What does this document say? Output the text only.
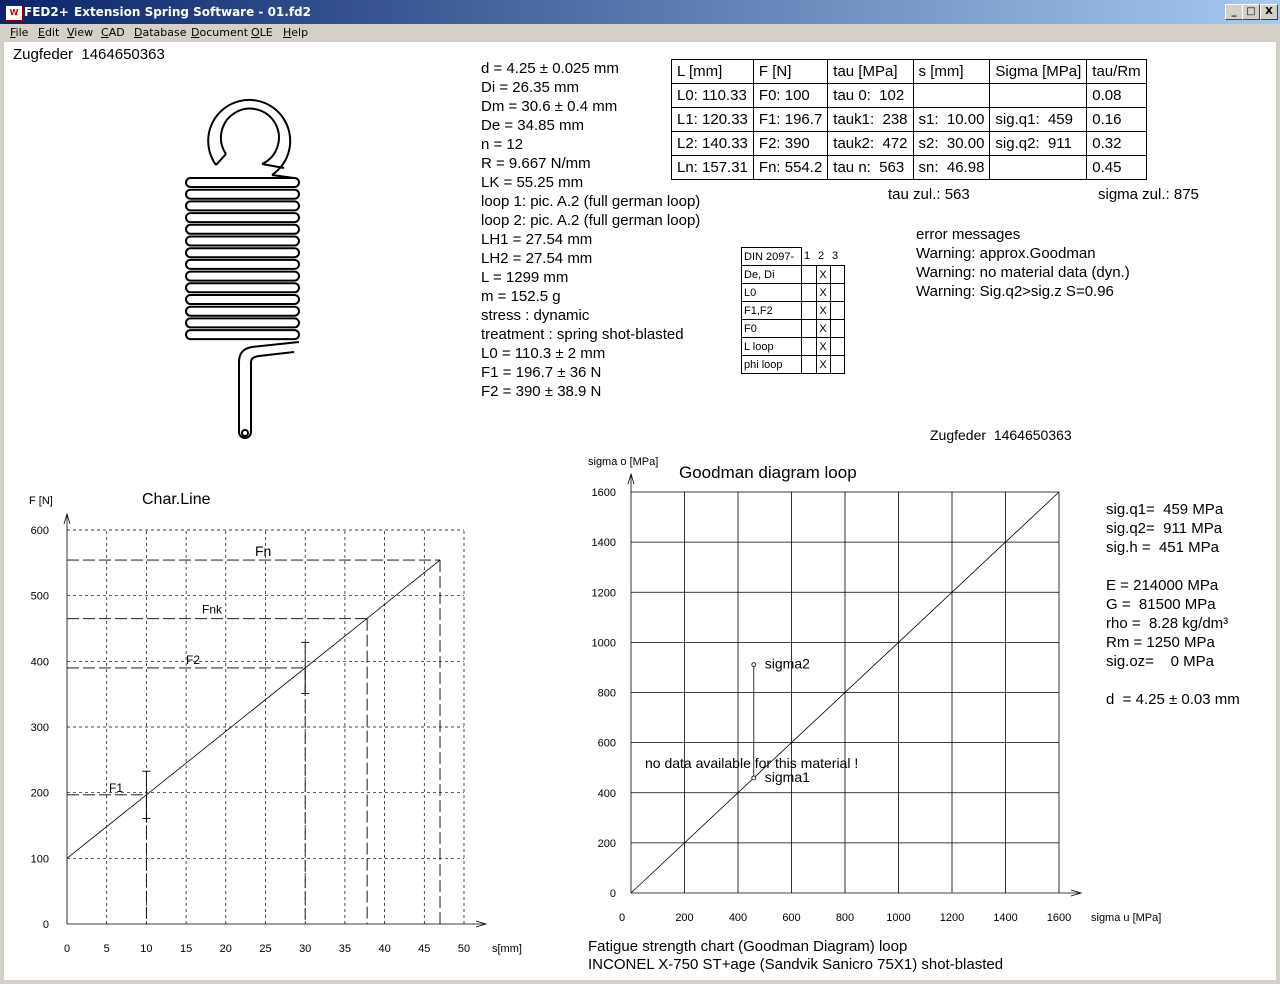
W FED2+ Extension Spring Software - 01.fd2	_ □ X
File Edit View CAD Database Document OLE Help
0	5	10 15 20 25 30 35 40 45 50
0
100
200
300
400
500
600
s[mm]
F [N]	Char.Line
F1
F2
Fnk
Fn
0	200	400	600	800	1000	1200	1400	1600
0
200
400
600
800
1000
1200
1400
1600
sigma u [MPa]
sigma o [MPa]
Goodman diagram loop
sigma1
sigma2
no data available for this material !
Zugfeder  1464650363
d = 4.25 ± 0.025 mm
Di = 26.35 mm
Dm = 30.6 ± 0.4 mm
De = 34.85 mm
n = 12
R = 9.667 N/mm
LK = 55.25 mm
loop 1: pic. A.2 (full german loop)
loop 2: pic. A.2 (full german loop)
LH1 = 27.54 mm
LH2 = 27.54 mm
L = 1299 mm
m = 152.5 g
stress : dynamic
treatment : spring shot-blasted
L0 = 110.3 ± 2 mm
F1 = 196.7 ± 36 N
F2 = 390 ± 38.9 N
L [mm]	F [N]	tau [MPa]	s [mm]	Sigma [MPa]	tau/Rm
L0: 110.33	F0: 100	tau 0:  102			0.08
L1: 120.33	F1: 196.7	tauk1:  238	s1:  10.00	sig.q1:  459	0.16
L2: 140.33	F2: 390	tauk2:  472	s2:  30.00	sig.q2:  911	0.32
Ln: 157.31	Fn: 554.2	tau n:  563	sn:  46.98		0.45
tau zul.: 563	sigma zul.: 875
DIN 2097-	1	2	3
De, Di		X	
L0		X	
F1,F2		X	
F0		X	
L loop		X	
phi loop		X	
error messages
Warning: approx.Goodman
Warning: no material data (dyn.)
Warning: Sig.q2>sig.z S=0.96
Zugfeder  1464650363
sig.q1=  459 MPa
sig.q2=  911 MPa
sig.h =  451 MPa
E = 214000 MPa
G =  81500 MPa
rho =  8.28 kg/dm³
Rm = 1250 MPa
sig.oz=    0 MPa
d  = 4.25 ± 0.03 mm
Fatigue strength chart (Goodman Diagram) loop
INCONEL X-750 ST+age (Sandvik Sanicro 75X1) shot-blasted
